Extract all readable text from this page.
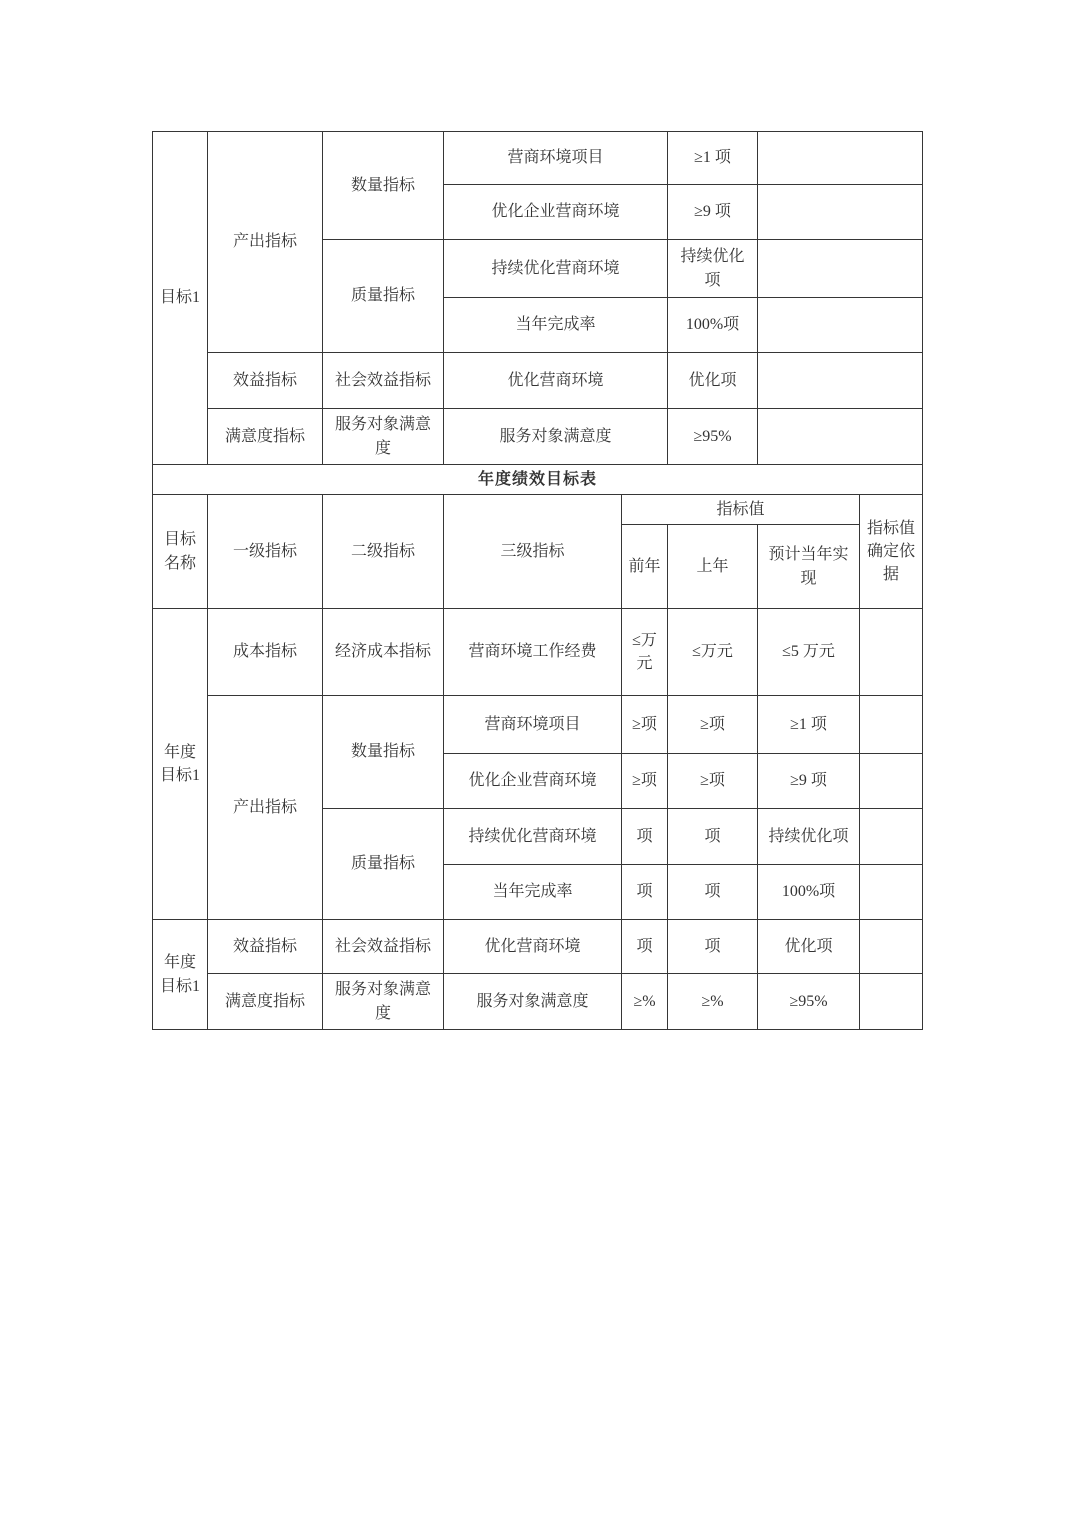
目标1	产出指标	数量指标	营商环境项目		≥1 项		
			优化企业营商环境		≥9 项		
		质量指标	持续优化营商环境		持续优化项		
			当年完成率		100%项		
	效益指标	社会效益指标	优化营商环境		优化项		
	满意度指标	服务对象满意度	服务对象满意度		≥95%		
年度绩效目标表							
目标名称	一级指标	二级指标	三级指标	指标值			指标值确定依据
				前年	上年	预计当年实现	
年度目标1	成本指标	经济成本指标	营商环境工作经费	≤万元	≤万元	≤5 万元	
	产出指标	数量指标	营商环境项目	≥项	≥项	≥1 项	
			优化企业营商环境	≥项	≥项	≥9 项	
		质量指标	持续优化营商环境	项	项	持续优化项	
			当年完成率	项	项	100%项	
年度目标1	效益指标	社会效益指标	优化营商环境	项	项	优化项	
	满意度指标	服务对象满意度	服务对象满意度	≥%	≥%	≥95%	
